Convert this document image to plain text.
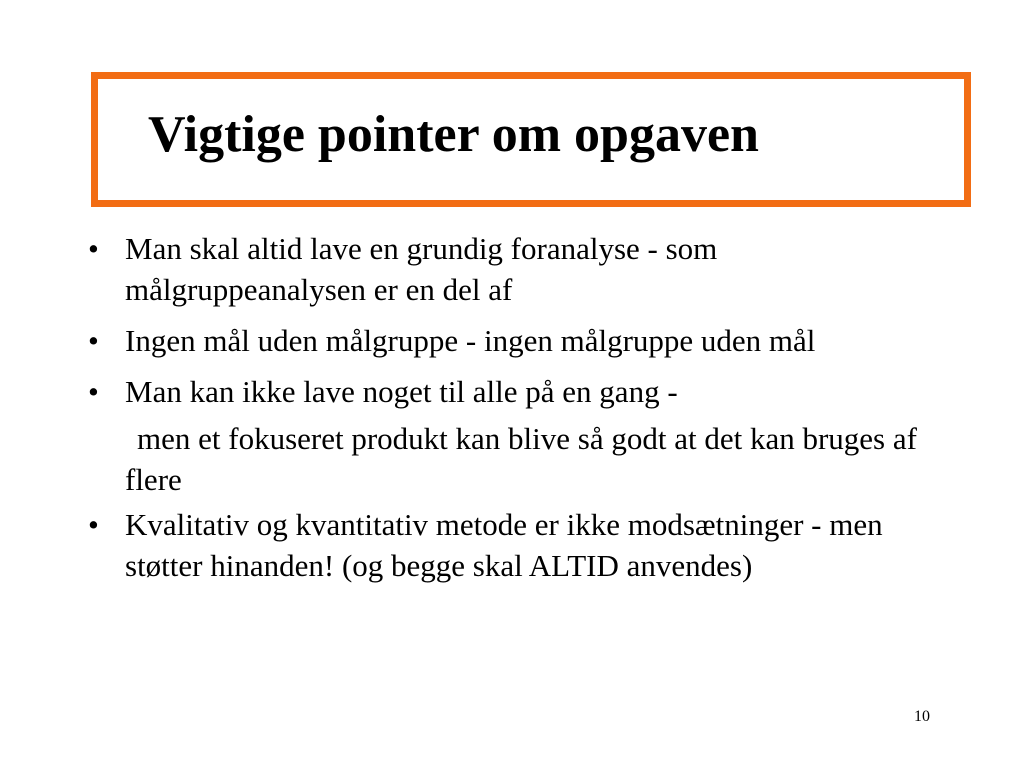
Vigtige pointer om opgaven
• Man skal altid lave en grundig foranalyse - som målgruppeanalysen er en del af
• Ingen mål uden målgruppe - ingen målgruppe uden mål
• Man kan ikke lave noget til alle på en gang -
men et fokuseret produkt kan blive så godt at det kan bruges af flere
• Kvalitativ og kvantitativ metode er ikke modsætninger - men støtter hinanden! (og begge skal ALTID anvendes)
10
